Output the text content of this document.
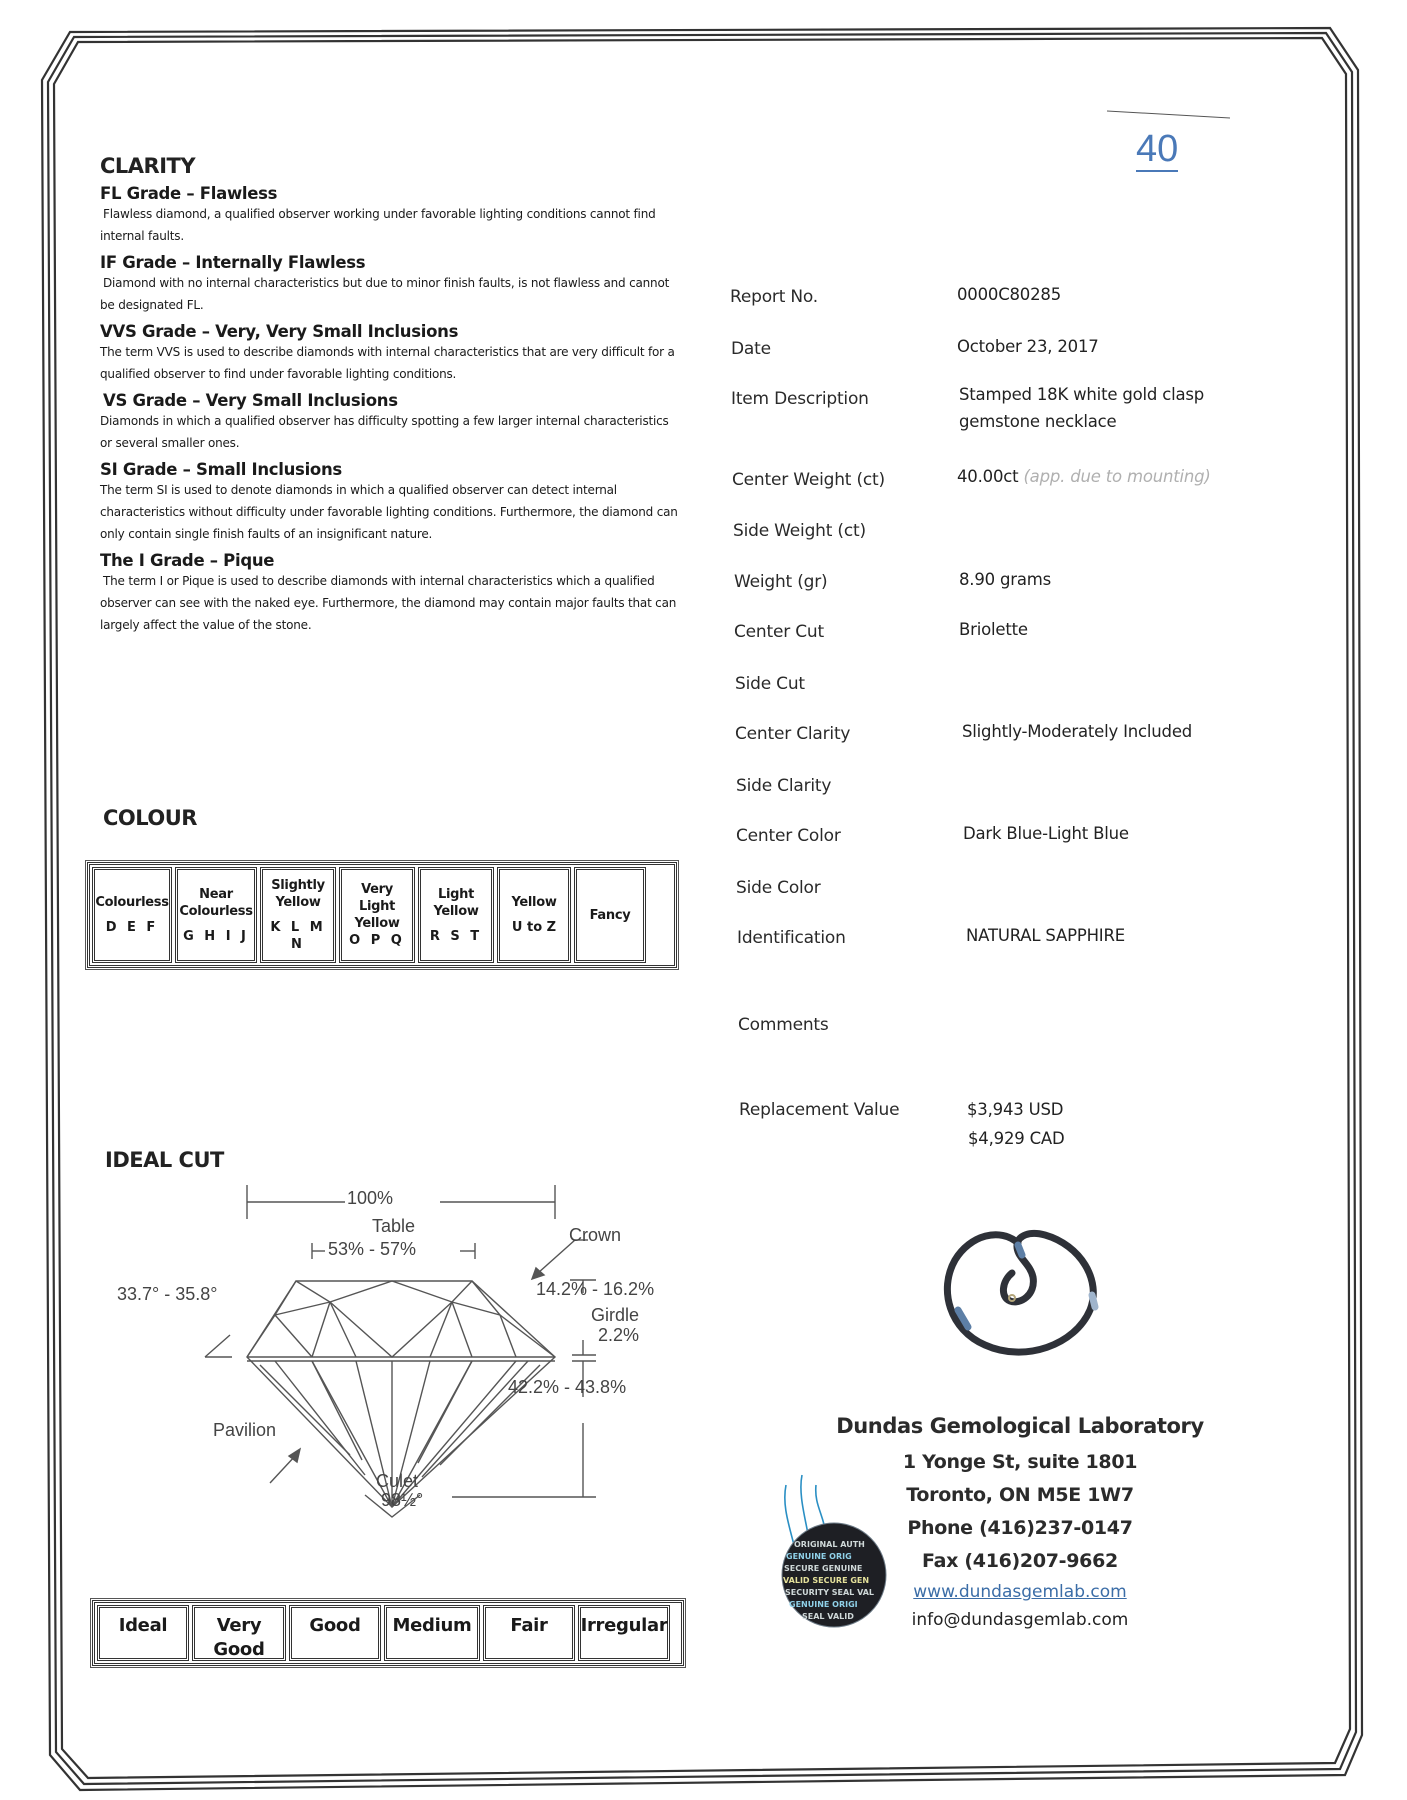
40
CLARITY
FL Grade – Flawless
Flawless diamond, a qualified observer working under favorable lighting conditions cannot find internal faults.
IF Grade – Internally Flawless
Diamond with no internal characteristics but due to minor finish faults, is not flawless and cannot be designated FL.
VVS Grade – Very, Very Small Inclusions
The term VVS is used to describe diamonds with internal characteristics that are very difficult for a qualified observer to find under favorable lighting conditions.
VS Grade – Very Small Inclusions
Diamonds in which a qualified observer has difficulty spotting a few larger internal characteristics or several smaller ones.
SI Grade – Small Inclusions
The term SI is used to denote diamonds in which a qualified observer can detect internal characteristics without difficulty under favorable lighting conditions. Furthermore, the diamond can only contain single finish faults of an insignificant nature.
The I Grade – Pique
The term I or Pique is used to describe diamonds with internal characteristics which a qualified observer can see with the naked eye. Furthermore, the diamond may contain major faults that can largely affect the value of the stone.
COLOUR
Colourless
D E F
Near Colourless
G H I J
Slightly Yellow
K L M N
Very Light Yellow
O P Q
Light Yellow
R S T
Yellow
U to Z
Fancy
IDEAL CUT
100%
Table
53% - 57%
Crown
33.7° - 35.8°	14.2% - 16.2%
Girdle
2.2%
42.2% - 43.8%
Pavilion
Culet
98½°
Ideal	Very Good
Good	Medium	Fair	Irregular
Report No.	0000C80285
Date	October 23, 2017
Item Description	Stamped 18K white gold clasp gemstone necklace
Center Weight (ct)	40.00ct (app. due to mounting)
Side Weight (ct)
Weight (gr)	8.90 grams
Center Cut	Briolette
Side Cut
Center Clarity	Slightly-Moderately Included
Side Clarity
Center Color	Dark Blue-Light Blue
Side Color
Identification	NATURAL SAPPHIRE
Comments
Replacement Value	$3,943 USD
$4,929 CAD
ORIGINAL AUTH
GENUINE ORIG
SECURE GENUINE
VALID SECURE GEN
SECURITY SEAL VAL
GENUINE ORIGI
SEAL VALID
Dundas Gemological Laboratory
1 Yonge St, suite 1801
Toronto, ON M5E 1W7
Phone (416)237-0147
Fax (416)207-9662
www.dundasgemlab.com
info@dundasgemlab.com
